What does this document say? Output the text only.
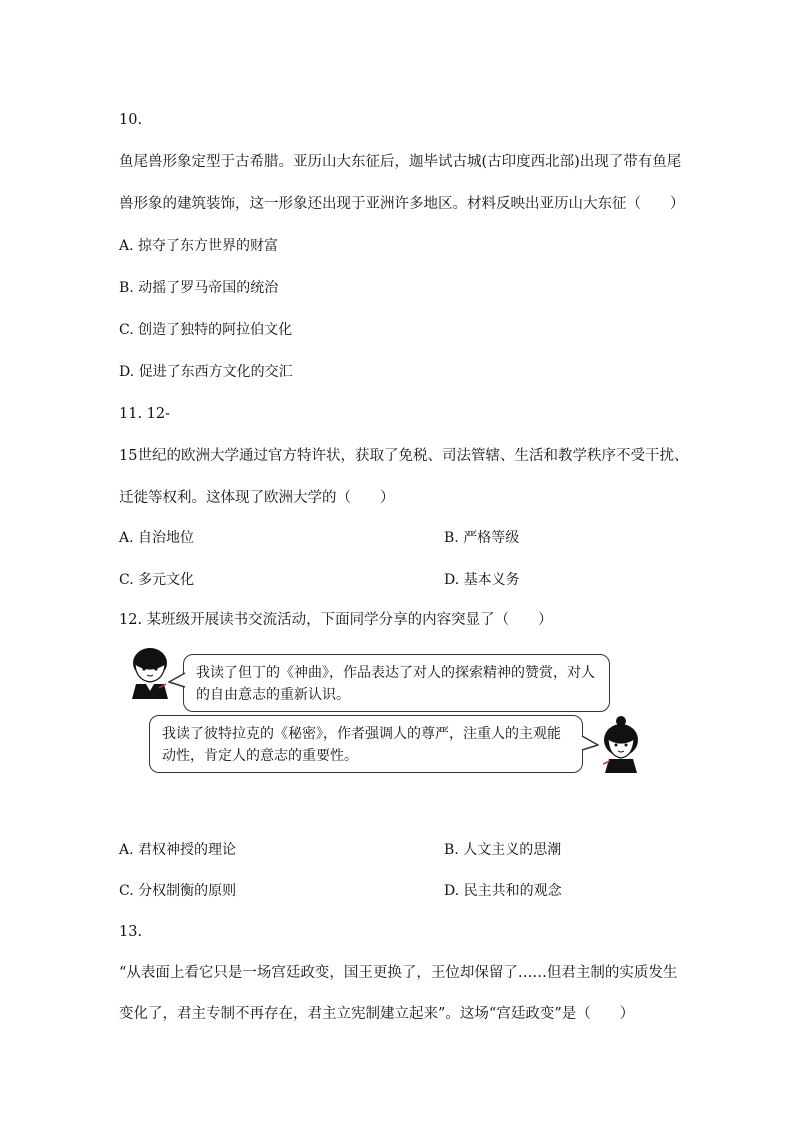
10.
鱼尾兽形象定型于古希腊。亚历山大东征后，迦毕试古城(古印度西北部)出现了带有鱼尾
兽形象的建筑装饰，这一形象还出现于亚洲许多地区。材料反映出亚历山大东征（　　）
A. 掠夺了东方世界的财富
B. 动摇了罗马帝国的统治
C. 创造了独特的阿拉伯文化
D. 促进了东西方文化的交汇
11. 12-
15世纪的欧洲大学通过官方特许状，获取了免税、司法管辖、生活和教学秩序不受干扰、
迁徙等权利。这体现了欧洲大学的（　　）
A. 自治地位	B. 严格等级
C. 多元文化	D. 基本义务
12. 某班级开展读书交流活动，下面同学分享的内容突显了（　　）
我读了但丁的《神曲》，作品表达了对人的探索精神的赞赏，对人
的自由意志的重新认识。
我读了彼特拉克的《秘密》，作者强调人的尊严，注重人的主观能
动性，肯定人的意志的重要性。
A. 君权神授的理论	B. 人文主义的思潮
C. 分权制衡的原则	D. 民主共和的观念
13.
“从表面上看它只是一场宫廷政变，国王更换了，王位却保留了……但君主制的实质发生
变化了，君主专制不再存在，君主立宪制建立起来”。这场“宫廷政变”是（　　）
